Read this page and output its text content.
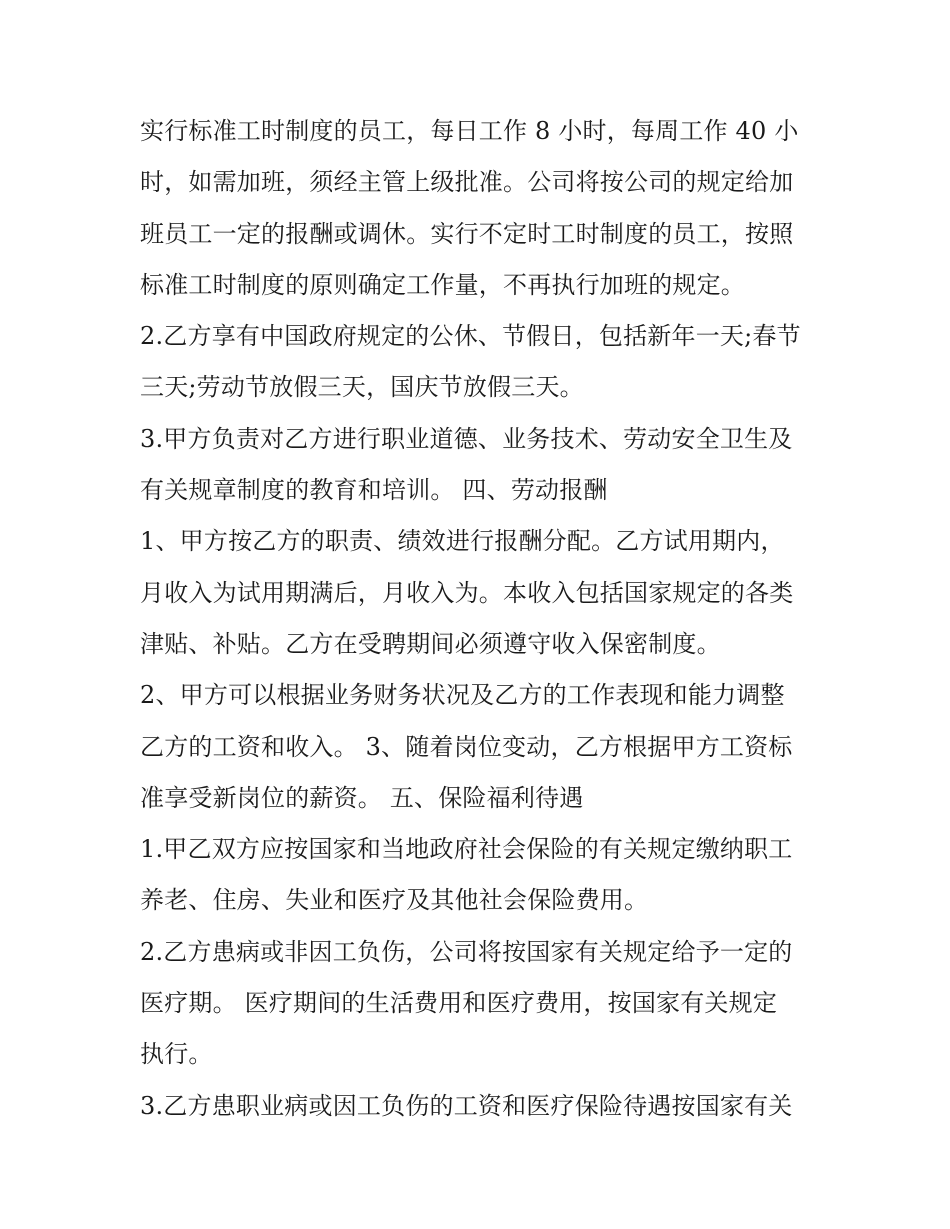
实行标准工时制度的员工，每日工作 8 小时，每周工作 40 小
时，如需加班，须经主管上级批准。公司将按公司的规定给加
班员工一定的报酬或调休。实行不定时工时制度的员工，按照
标准工时制度的原则确定工作量，不再执行加班的规定。
2.乙方享有中国政府规定的公休、节假日，包括新年一天;春节
三天;劳动节放假三天，国庆节放假三天。
3.甲方负责对乙方进行职业道德、业务技术、劳动安全卫生及
有关规章制度的教育和培训。 四、劳动报酬
1、甲方按乙方的职责、绩效进行报酬分配。乙方试用期内，
月收入为试用期满后，月收入为。本收入包括国家规定的各类
津贴、补贴。乙方在受聘期间必须遵守收入保密制度。
2、甲方可以根据业务财务状况及乙方的工作表现和能力调整
乙方的工资和收入。 3、随着岗位变动，乙方根据甲方工资标
准享受新岗位的薪资。 五、保险福利待遇
1.甲乙双方应按国家和当地政府社会保险的有关规定缴纳职工
养老、住房、失业和医疗及其他社会保险费用。
2.乙方患病或非因工负伤，公司将按国家有关规定给予一定的
医疗期。 医疗期间的生活费用和医疗费用，按国家有关规定
执行。
3.乙方患职业病或因工负伤的工资和医疗保险待遇按国家有关
